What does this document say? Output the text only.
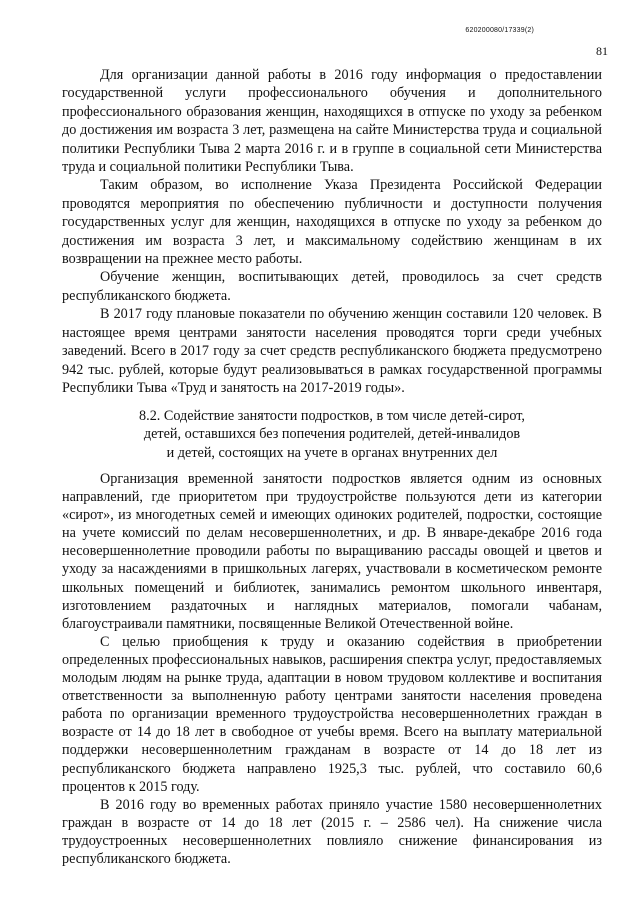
620200080/17339(2)
81

Для организации данной работы в 2016 году информация о предоставлении государственной услуги профессионального обучения и дополнительного профессионального образования женщин, находящихся в отпуске по уходу за ребенком до достижения им возраста 3 лет, размещена на сайте Министерства труда и социальной политики Республики Тыва 2 марта 2016 г. и в группе в социальной сети Министерства труда и социальной политики Республики Тыва.

Таким образом, во исполнение Указа Президента Российской Федерации проводятся мероприятия по обеспечению публичности и доступности получения государственных услуг для женщин, находящихся в отпуске по уходу за ребенком до достижения им возраста 3 лет, и максимальному содействию женщинам в их возвращении на прежнее место работы.

Обучение женщин, воспитывающих детей, проводилось за счет средств республиканского бюджета.

В 2017 году плановые показатели по обучению женщин составили 120 человек. В настоящее время центрами занятости населения проводятся торги среди учебных заведений. Всего в 2017 году за счет средств республиканского бюджета предусмотрено 942 тыс. рублей, которые будут реализовываться в рамках государственной программы Республики Тыва «Труд и занятость на 2017-2019 годы».

8.2. Содействие занятости подростков, в том числе детей-сирот,
детей, оставшихся без попечения родителей, детей-инвалидов
и детей, состоящих на учете в органах внутренних дел

Организация временной занятости подростков является одним из основных направлений, где приоритетом при трудоустройстве пользуются дети из категории «сирот», из многодетных семей и имеющих одиноких родителей, подростки, состоящие на учете комиссий по делам несовершеннолетних, и др. В январе-декабре 2016 года несовершеннолетние проводили работы по выращиванию рассады овощей и цветов и уходу за насаждениями в пришкольных лагерях, участвовали в косметическом ремонте школьных помещений и библиотек, занимались ремонтом школьного инвентаря, изготовлением раздаточных и наглядных материалов, помогали чабанам, благоустраивали памятники, посвященные Великой Отечественной войне.

С целью приобщения к труду и оказанию содействия в приобретении определенных профессиональных навыков, расширения спектра услуг, предоставляемых молодым людям на рынке труда, адаптации в новом трудовом коллективе и воспитания ответственности за выполненную работу центрами занятости населения проведена работа по организации временного трудоустройства несовершеннолетних граждан в возрасте от 14 до 18 лет в свободное от учебы время. Всего на выплату материальной поддержки несовершеннолетним гражданам в возрасте от 14 до 18 лет из республиканского бюджета направлено 1925,3 тыс. рублей, что составило 60,6 процентов к 2015 году.

В 2016 году во временных работах приняло участие 1580 несовершеннолетних граждан в возрасте от 14 до 18 лет (2015 г. – 2586 чел). На снижение числа трудоустроенных несовершеннолетних повлияло снижение финансирования из республиканского бюджета.
